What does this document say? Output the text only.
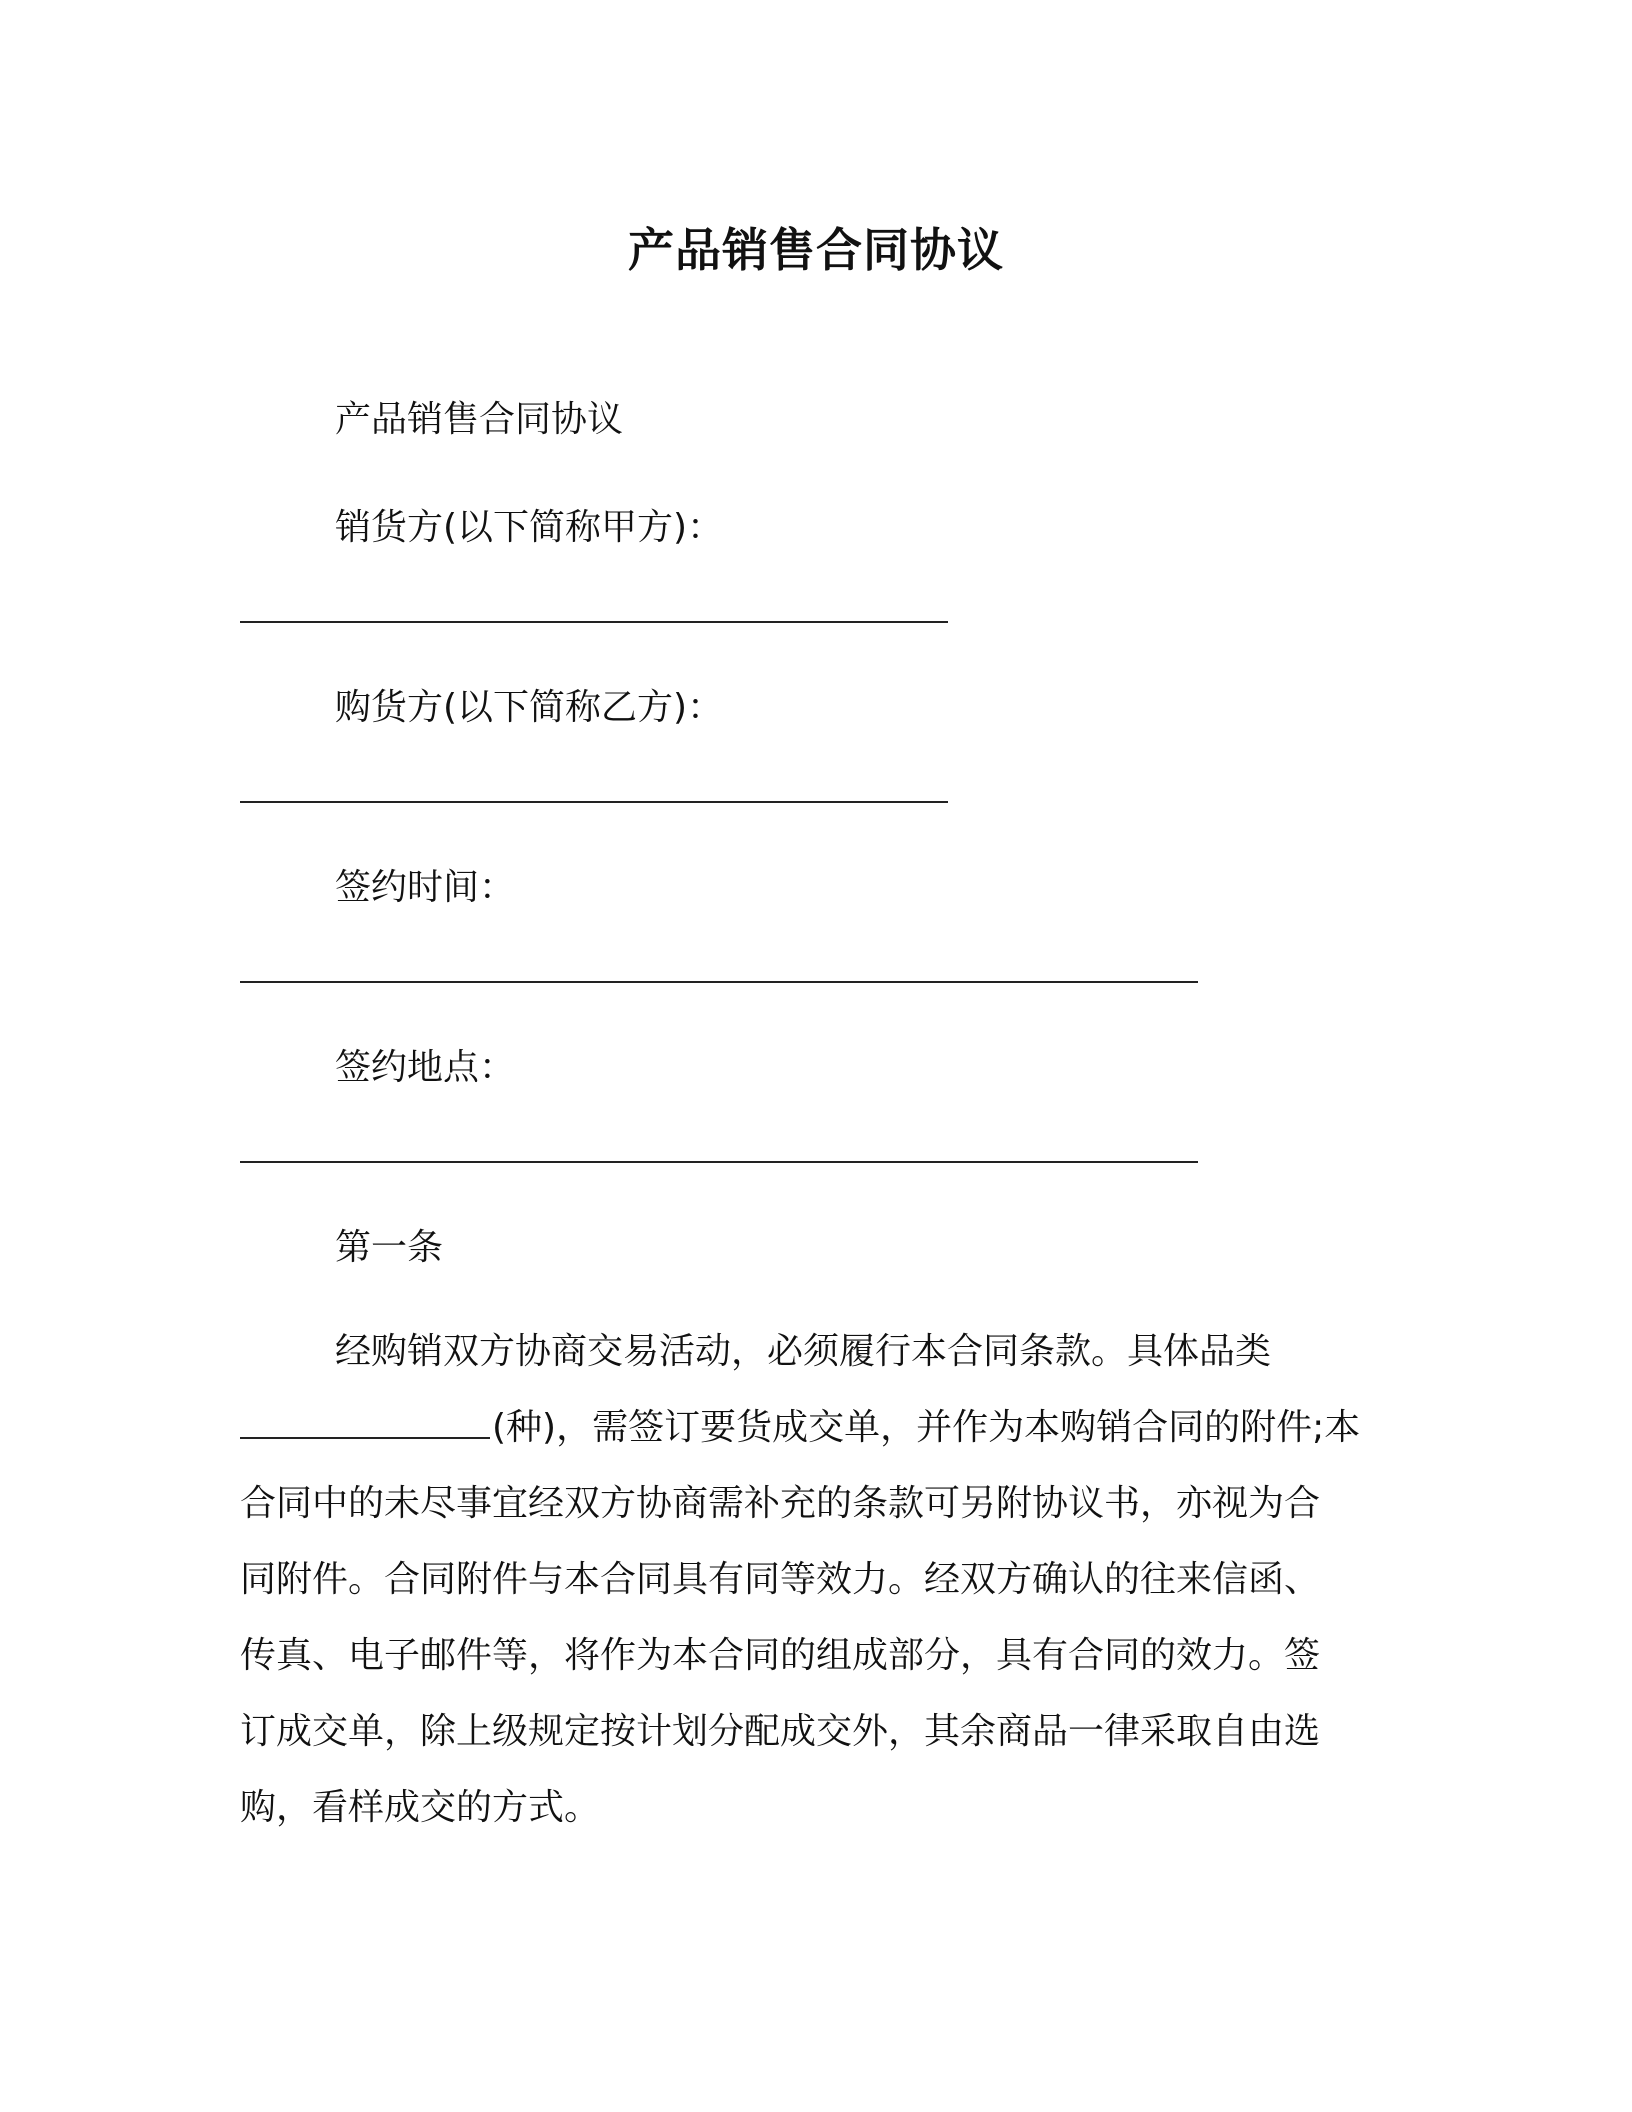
产品销售合同协议
产品销售合同协议
销货方(以下简称甲方)：
购货方(以下简称乙方)：
签约时间：
签约地点：
第一条
经购销双方协商交易活动，必须履行本合同条款。具体品类
(种)，需签订要货成交单，并作为本购销合同的附件;本
合同中的未尽事宜经双方协商需补充的条款可另附协议书，亦视为合
同附件。合同附件与本合同具有同等效力。经双方确认的往来信函、
传真、电子邮件等，将作为本合同的组成部分，具有合同的效力。签
订成交单，除上级规定按计划分配成交外，其余商品一律采取自由选
购，看样成交的方式。
